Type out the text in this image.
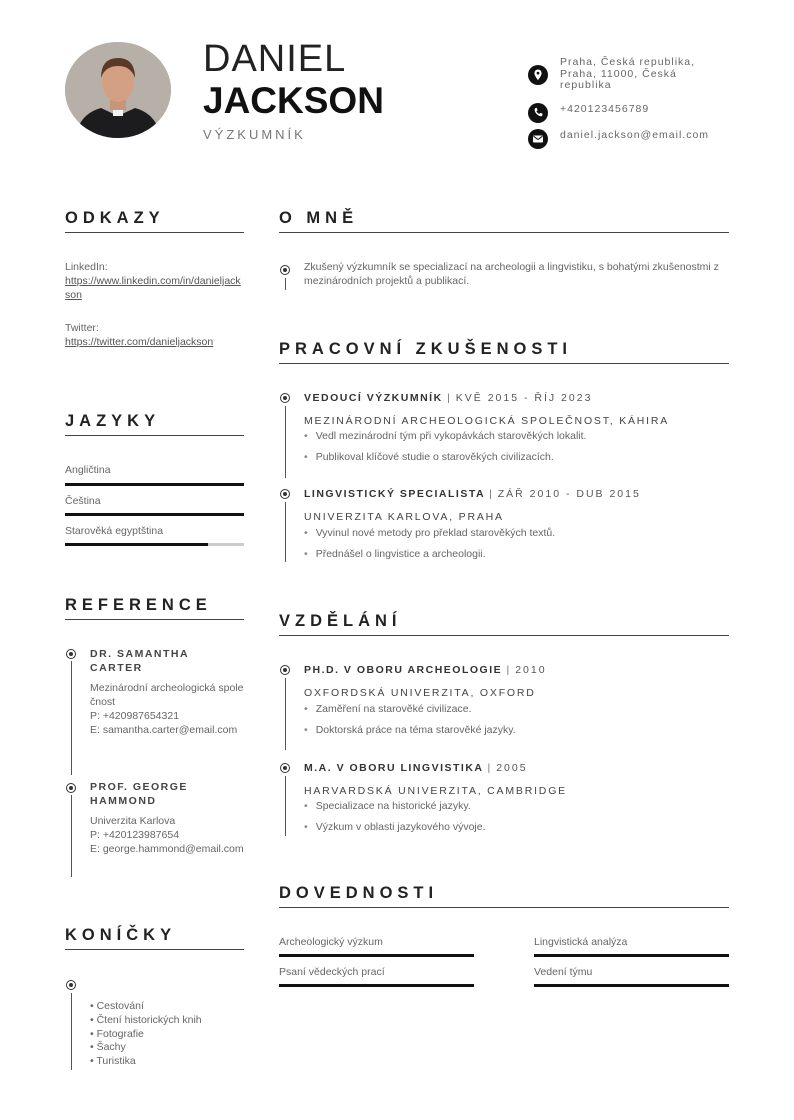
DANIEL
JACKSON
VÝZKUMNÍK
Praha, Česká republika, Praha, 11000, Česká republika
+420123456789
daniel.jackson@email.com
ODKAZY
LinkedIn:
https://www.linkedin.com/in/danieljackson
Twitter:
https://twitter.com/danieljackson
JAZYKY
Angličtina
Čeština
Starověká egyptština
REFERENCE
DR. SAMANTHA CARTER
Mezinárodní archeologická společnost
P: +420987654321
E: samantha.carter@email.com
PROF. GEORGE HAMMOND
Univerzita Karlova
P: +420123987654
E: george.hammond@email.com
KONÍČKY
• Cestování
• Čtení historických knih
• Fotografie
• Šachy
• Turistika
O MNĚ
Zkušený výzkumník se specializací na archeologii a lingvistiku, s bohatými zkušenostmi z mezinárodních projektů a publikací.
PRACOVNÍ ZKUŠENOSTI
VEDOUCÍ VÝZKUMNÍK | KVĚ 2015 - ŘÍJ 2023
MEZINÁRODNÍ ARCHEOLOGICKÁ SPOLEČNOST, KÁHIRA
• Vedl mezinárodní tým při vykopávkách starověkých lokalit.
• Publikoval klíčové studie o starověkých civilizacích.
LINGVISTICKÝ SPECIALISTA | ZÁŘ 2010 - DUB 2015
UNIVERZITA KARLOVA, PRAHA
• Vyvinul nové metody pro překlad starověkých textů.
• Přednášel o lingvistice a archeologii.
VZDĚLÁNÍ
PH.D. V OBORU ARCHEOLOGIE | 2010
OXFORDSKÁ UNIVERZITA, OXFORD
• Zaměření na starověké civilizace.
• Doktorská práce na téma starověké jazyky.
M.A. V OBORU LINGVISTIKA | 2005
HARVARDSKÁ UNIVERZITA, CAMBRIDGE
• Specializace na historické jazyky.
• Výzkum v oblasti jazykového vývoje.
DOVEDNOSTI
Archeologický výzkum	Lingvistická analýza
Psaní vědeckých prací	Vedení týmu
